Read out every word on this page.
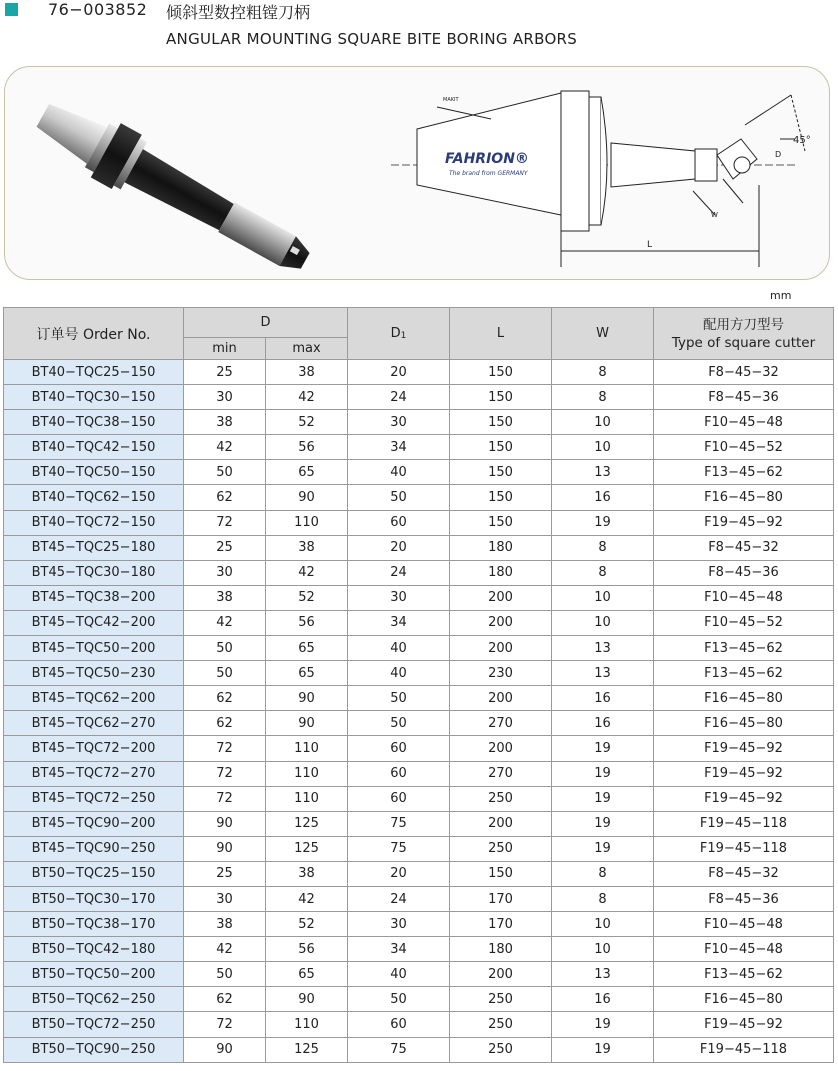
76−003852 倾斜型数控粗镗刀柄
ANGULAR MOUNTING SQUARE BITE BORING ARBORS
MAKIT
FAHRION®
The brand from GERMANY
45°
D
L
W
mm
订单号 Order No.	D		D1	L	W	配用方刀型号
Type of square cutter

	min	max				
BT40−TQC25−150	25	38	20	150	8	F8−45−32
BT40−TQC30−150	30	42	24	150	8	F8−45−36
BT40−TQC38−150	38	52	30	150	10	F10−45−48
BT40−TQC42−150	42	56	34	150	10	F10−45−52
BT40−TQC50−150	50	65	40	150	13	F13−45−62
BT40−TQC62−150	62	90	50	150	16	F16−45−80
BT40−TQC72−150	72	110	60	150	19	F19−45−92
BT45−TQC25−180	25	38	20	180	8	F8−45−32
BT45−TQC30−180	30	42	24	180	8	F8−45−36
BT45−TQC38−200	38	52	30	200	10	F10−45−48
BT45−TQC42−200	42	56	34	200	10	F10−45−52
BT45−TQC50−200	50	65	40	200	13	F13−45−62
BT45−TQC50−230	50	65	40	230	13	F13−45−62
BT45−TQC62−200	62	90	50	200	16	F16−45−80
BT45−TQC62−270	62	90	50	270	16	F16−45−80
BT45−TQC72−200	72	110	60	200	19	F19−45−92
BT45−TQC72−270	72	110	60	270	19	F19−45−92
BT45−TQC72−250	72	110	60	250	19	F19−45−92
BT45−TQC90−200	90	125	75	200	19	F19−45−118
BT45−TQC90−250	90	125	75	250	19	F19−45−118
BT50−TQC25−150	25	38	20	150	8	F8−45−32
BT50−TQC30−170	30	42	24	170	8	F8−45−36
BT50−TQC38−170	38	52	30	170	10	F10−45−48
BT50−TQC42−180	42	56	34	180	10	F10−45−48
BT50−TQC50−200	50	65	40	200	13	F13−45−62
BT50−TQC62−250	62	90	50	250	16	F16−45−80
BT50−TQC72−250	72	110	60	250	19	F19−45−92
BT50−TQC90−250	90	125	75	250	19	F19−45−118
